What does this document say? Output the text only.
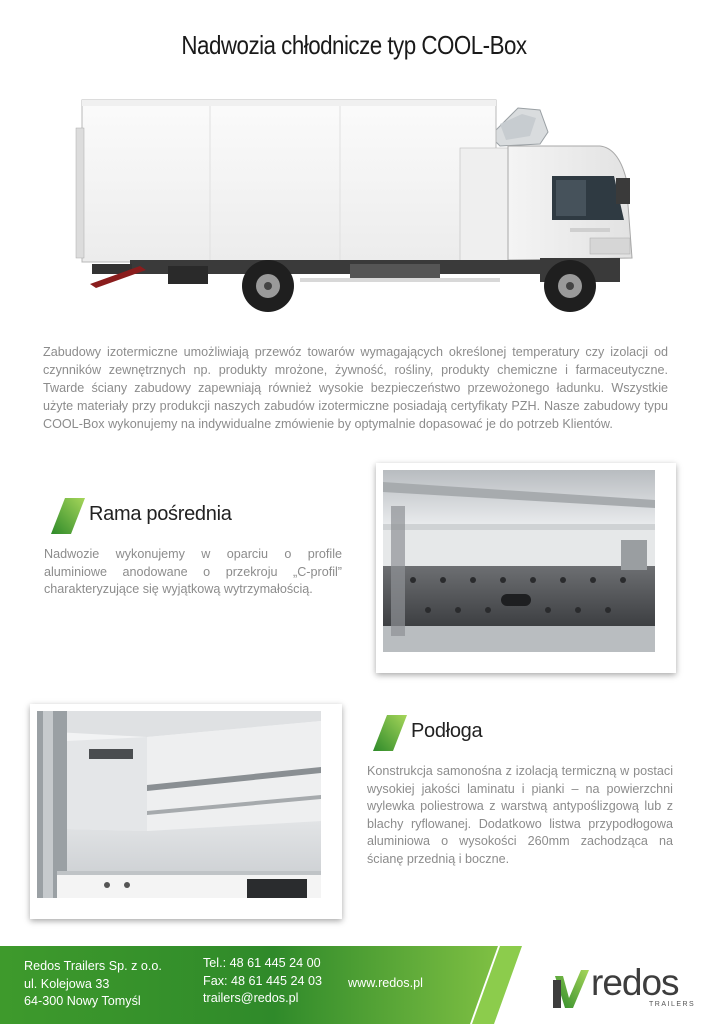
Nadwozia chłodnicze typ COOL-Box
Zabudowy izotermiczne umożliwiają przewóz towarów wymagających określonej temperatury czy izolacji od czynników zewnętrznych np. produkty mrożone, żywność, rośliny, produkty chemiczne i farmaceutyczne. Twarde ściany zabudowy zapewniają również wysokie bezpieczeństwo przewożonego ładunku. Wszystkie użyte materiały przy produkcji naszych zabudów izotermiczne posiadają certyfikaty PZH. Nasze zabudowy typu COOL-Box wykonujemy na indywidualne zmówienie by optymalnie dopasować je do potrzeb Klientów.
Rama pośrednia
Nadwozie wykonujemy w oparciu o profile aluminiowe anodowane o przekroju „C-profil” charakteryzujące się wyjątkową wytrzymałością.
Podłoga
Konstrukcja samonośna z izolacją termiczną w postaci wysokiej jakości laminatu i pianki – na powierzchni wylewka poliestrowa z warstwą antypoślizgową lub z blachy ryflowanej. Dodatkowo listwa przypodłogowa aluminiowa o wysokości 260mm zachodząca na ścianę przednią i boczne.
Redos Trailers Sp. z o.o.
ul. Kolejowa 33
64-300 Nowy Tomyśl
Tel.: 48 61 445 24 00
Fax: 48 61 445 24 03
trailers@redos.pl
www.redos.pl	redos
TRAILERS
